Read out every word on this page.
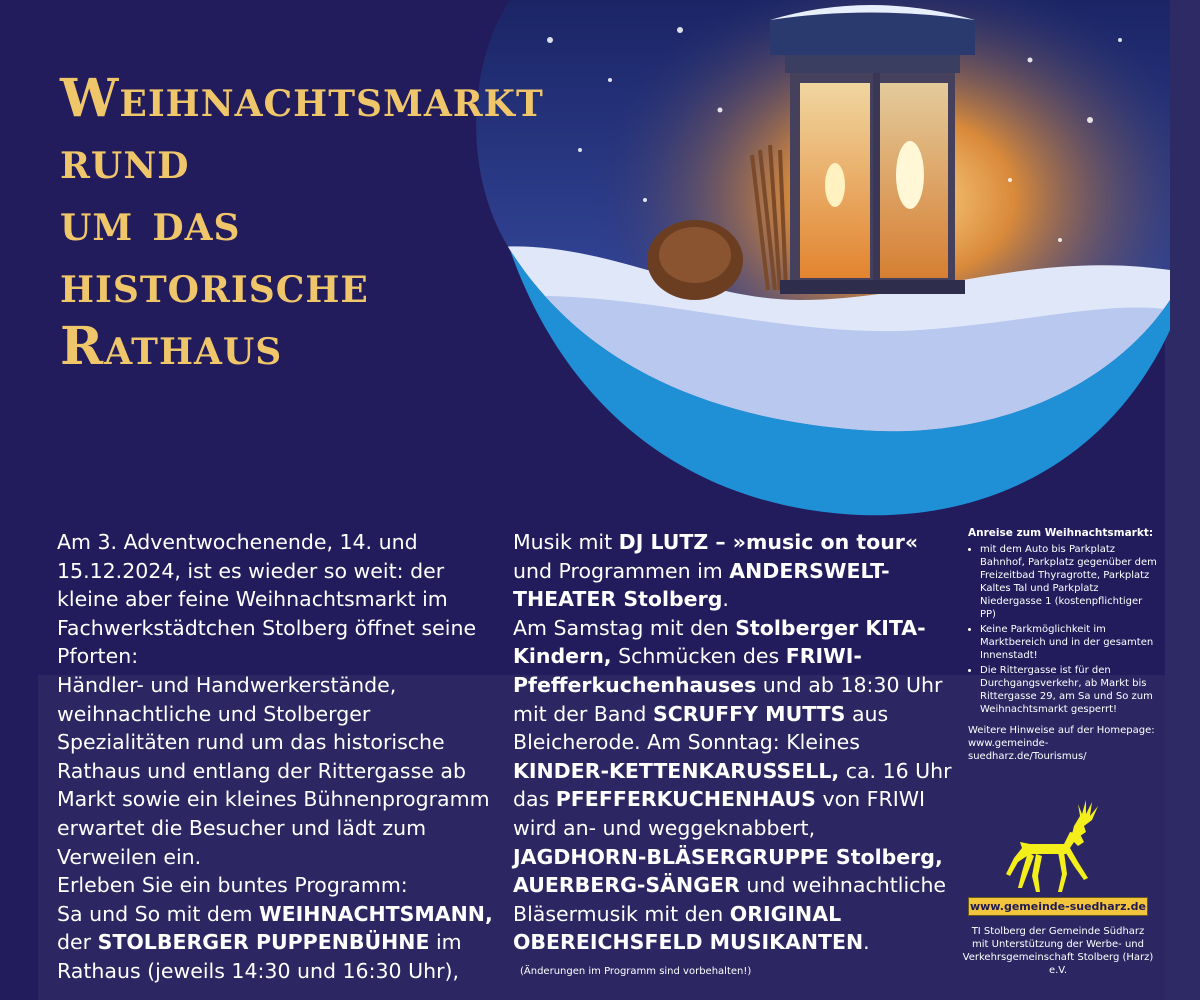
Weihnachtsmarkt
rund
um das
historische
Rathaus

Am 3. Adventwochenende, 14. und 15.12.2024, ist es wieder so weit: der kleine aber feine Weihnachtsmarkt im Fachwerkstädtchen Stolberg öffnet seine Pforten:

Händler- und Handwerkerstände, weihnachtliche und Stolberger Spezialitäten rund um das historische Rathaus und entlang der Rittergasse ab Markt sowie ein kleines Bühnenprogramm erwartet die Besucher und lädt zum Verweilen ein.

Erleben Sie ein buntes Programm:

Sa und So mit dem WEIHNACHTSMANN, der STOLBERGER PUPPENBÜHNE im Rathaus (jeweils 14:30 und 16:30 Uhr),

Musik mit DJ LUTZ – »music on tour« und Programmen im ANDERSWELT-THEATER Stolberg.

Am Samstag mit den Stolberger KITA-Kindern, Schmücken des FRIWI-Pfefferkuchenhauses und ab 18:30 Uhr mit der Band SCRUFFY MUTTS aus Bleicherode. Am Sonntag: Kleines KINDER-KETTENKARUSSELL, ca. 16 Uhr das PFEFFERKUCHENHAUS von FRIWI wird an- und weggeknabbert, JAGDHORN-BLÄSERGRUPPE Stolberg, AUERBERG-SÄNGER und weihnachtliche Bläsermusik mit den ORIGINAL OBEREICHSFELD MUSIKANTEN.

(Änderungen im Programm sind vorbehalten!)
Anreise zum Weihnachtsmarkt:
• mit dem Auto bis Parkplatz Bahnhof, Parkplatz gegenüber dem Freizeitbad Thyragrotte, Parkplatz Kaltes Tal und Parkplatz Niedergasse 1 (kostenpflichtiger PP)
• Keine Parkmöglichkeit im Marktbereich und in der gesamten Innenstadt!
• Die Rittergasse ist für den Durchgangsverkehr, ab Markt bis Rittergasse 29, am Sa und So zum Weihnachtsmarkt gesperrt!
Weitere Hinweise auf der Homepage: www.gemeinde-suedharz.de/Tourismus/
www.gemeinde-suedharz.de
TI Stolberg der Gemeinde Südharz mit Unterstützung der Werbe- und Verkehrsgemeinschaft Stolberg (Harz) e.V.
